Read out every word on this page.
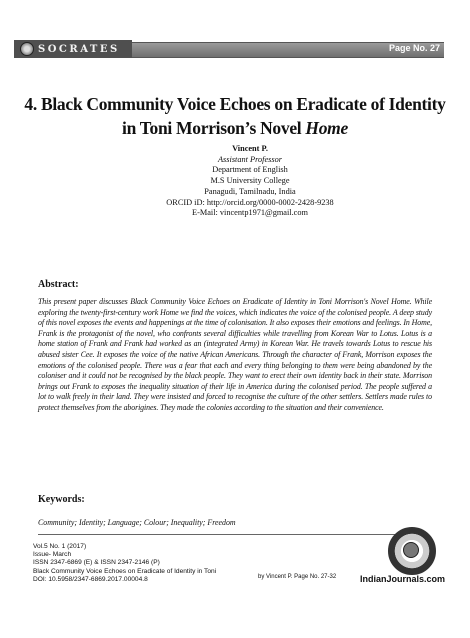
SOCRATES	Page No. 27
4. Black Community Voice Echoes on Eradicate of Identity in Toni Morrison’s Novel Home
Vincent P.
Assistant Professor
Department of English
M.S University College
Panagudi, Tamilnadu, India
ORCID iD: http://orcid.org/0000-0002-2428-9238
E-Mail: vincentp1971@gmail.com
Abstract:
This present paper discusses Black Community Voice Echoes on Eradicate of Identity in Toni Morrison's Novel Home. While exploring the twenty-first-century work Home we find the voices, which indicates the voice of the colonised people. A deep study of this novel exposes the events and happenings at the time of colonisation. It also exposes their emotions and feelings. In Home, Frank is the protagonist of the novel, who confronts several difficulties while travelling from Korean War to Lotus. Lotus is a home station of Frank and Frank had worked as an (integrated Army) in Korean War. He travels towards Lotus to rescue his abused sister Cee. It exposes the voice of the native African Americans. Through the character of Frank, Morrison exposes the emotions of the colonised people. There was a fear that each and every thing belonging to them were being abandoned by the coloniser and it could not be recognised by the black people. They want to erect their own identity back in their state. Morrison brings out Frank to exposes the inequality situation of their life in America during the colonised period. The people suffered a lot to walk freely in their land. They were insisted and forced to recognise the culture of the other settlers. Settlers made rules to protect themselves from the aborigines. They made the colonies according to the situation and their convenience.
Keywords:
Community; Identity; Language; Colour; Inequality; Freedom
Vol.5 No. 1 (2017)
Issue- March
ISSN 2347-6869 (E) & ISSN 2347-2146 (P)
Black Community Voice Echoes on Eradicate of Identity in Toni
DOI: 10.5958/2347-6869.2017.00004.8	by Vincent P. Page No. 27-32	IndianJournals.com
